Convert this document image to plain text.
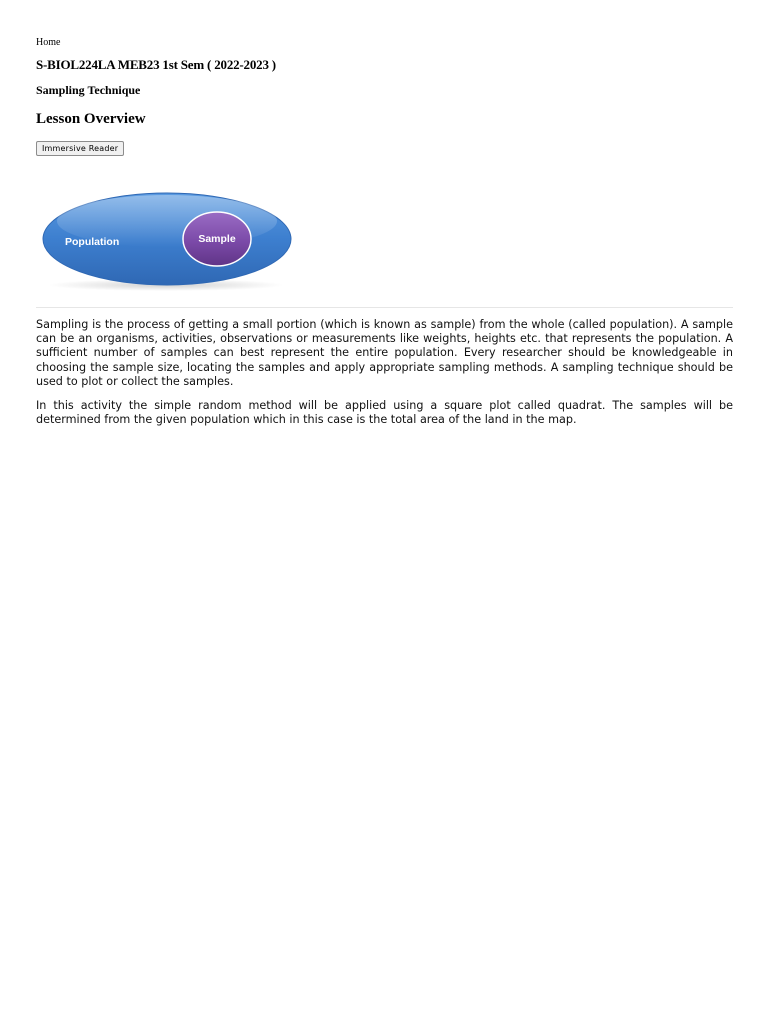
Home
S-BIOL224LA MEB23 1st Sem ( 2022-2023 )
Sampling Technique
Lesson Overview
Immersive Reader
Population	Sample

Sampling is the process of getting a small portion (which is known as sample) from the whole (called population). A sample can be an organisms, activities, observations or measurements like weights, heights etc. that represents the population. A sufficient number of samples can best represent the entire population. Every researcher should be knowledgeable in choosing the sample size, locating the samples and apply appropriate sampling methods. A sampling technique should be used to plot or collect the samples.

In this activity the simple random method will be applied using a square plot called quadrat. The samples will be determined from the given population which in this case is the total area of the land in the map.
